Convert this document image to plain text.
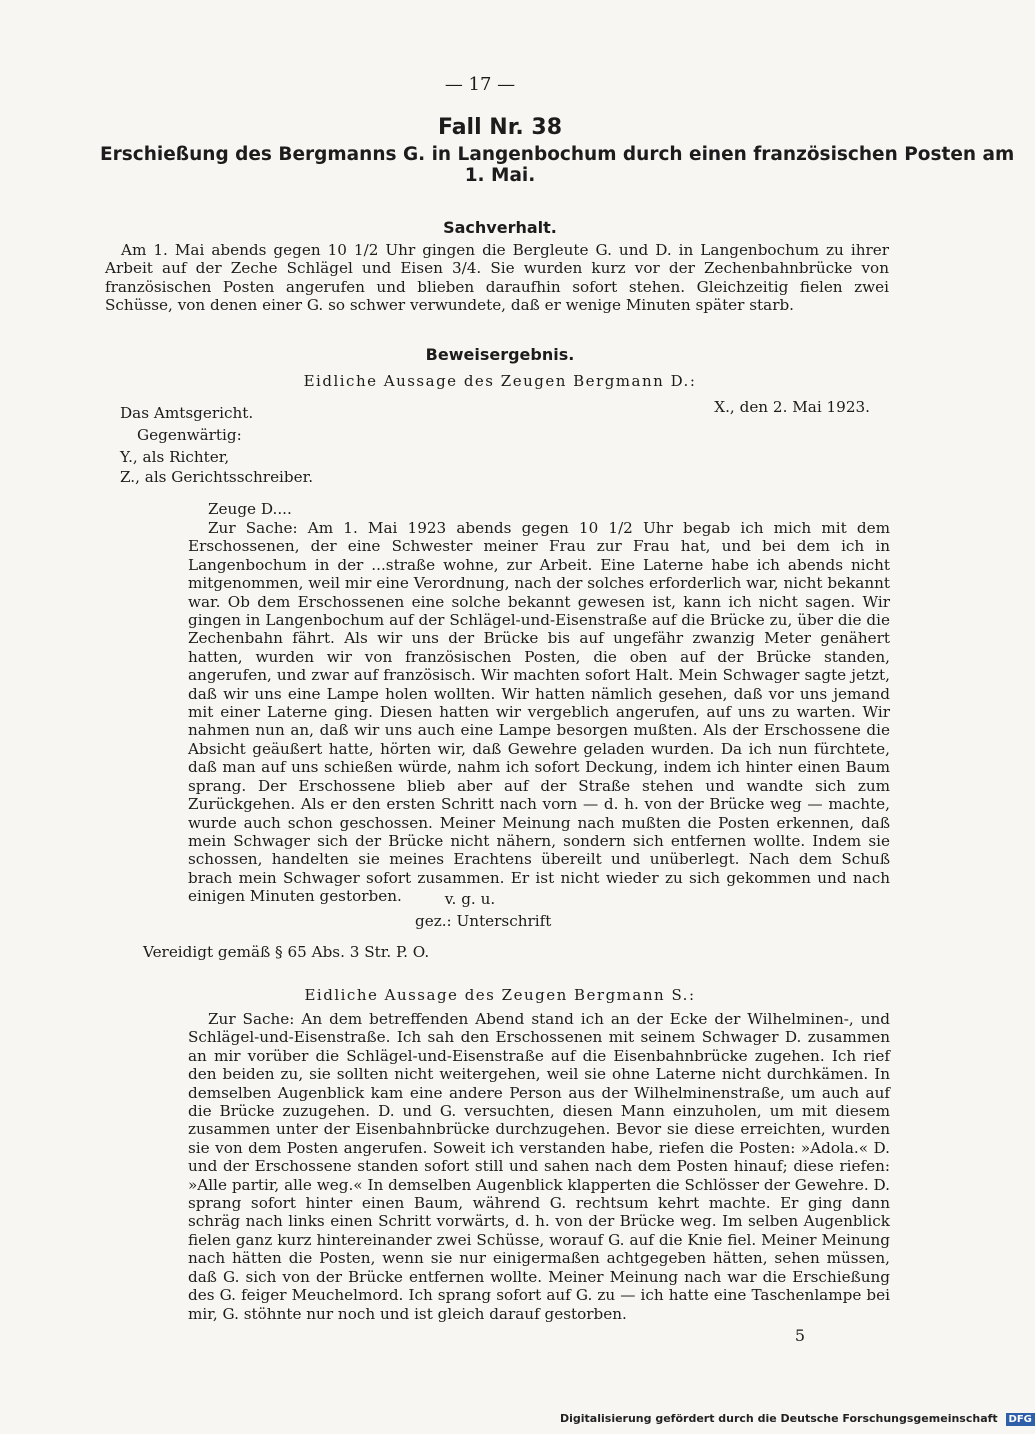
— 17 —
Fall Nr. 38
Erschießung des Bergmanns G. in Langenbochum durch einen französischen Posten am
1. Mai.
Sachverhalt.

Am 1. Mai abends gegen 10 1/2 Uhr gingen die Bergleute G. und D. in Langenbochum zu ihrer Arbeit auf der Zeche Schlägel und Eisen 3/4. Sie wurden kurz vor der Zechenbahnbrücke von französischen Posten angerufen und blieben daraufhin sofort stehen. Gleichzeitig fielen zwei Schüsse, von denen einer G. so schwer verwundete, daß er wenige Minuten später starb.

Beweisergebnis.
Eidliche Aussage des Zeugen Bergmann D.:
Das Amtsgericht.	X., den 2. Mai 1923.
Gegenwärtig:
Y., als Richter,
Z., als Gerichtsschreiber.
Zeuge D....

Zur Sache: Am 1. Mai 1923 abends gegen 10 1/2 Uhr begab ich mich mit dem Erschossenen, der eine Schwester meiner Frau zur Frau hat, und bei dem ich in Langenbochum in der ...straße wohne, zur Arbeit. Eine Laterne habe ich abends nicht mitgenommen, weil mir eine Verordnung, nach der solches erforderlich war, nicht bekannt war. Ob dem Erschossenen eine solche bekannt gewesen ist, kann ich nicht sagen. Wir gingen in Langenbochum auf der Schlägel-und-Eisenstraße auf die Brücke zu, über die die Zechenbahn fährt. Als wir uns der Brücke bis auf ungefähr zwanzig Meter genähert hatten, wurden wir von französischen Posten, die oben auf der Brücke standen, angerufen, und zwar auf französisch. Wir machten sofort Halt. Mein Schwager sagte jetzt, daß wir uns eine Lampe holen wollten. Wir hatten nämlich gesehen, daß vor uns jemand mit einer Laterne ging. Diesen hatten wir vergeblich angerufen, auf uns zu warten. Wir nahmen nun an, daß wir uns auch eine Lampe besorgen mußten. Als der Erschossene die Absicht geäußert hatte, hörten wir, daß Gewehre geladen wurden. Da ich nun fürchtete, daß man auf uns schießen würde, nahm ich sofort Deckung, indem ich hinter einen Baum sprang. Der Erschossene blieb aber auf der Straße stehen und wandte sich zum Zurückgehen. Als er den ersten Schritt nach vorn — d. h. von der Brücke weg — machte, wurde auch schon geschossen. Meiner Meinung nach mußten die Posten erkennen, daß mein Schwager sich der Brücke nicht nähern, sondern sich entfernen wollte. Indem sie schossen, handelten sie meines Erachtens übereilt und unüberlegt. Nach dem Schuß brach mein Schwager sofort zusammen. Er ist nicht wieder zu sich gekommen und nach einigen Minuten gestorben.	v. g. u.
gez.: Unterschrift
Vereidigt gemäß § 65 Abs. 3 Str. P. O.
Eidliche Aussage des Zeugen Bergmann S.:

Zur Sache: An dem betreffenden Abend stand ich an der Ecke der Wilhelminen-, und Schlägel-und-Eisenstraße. Ich sah den Erschossenen mit seinem Schwager D. zusammen an mir vorüber die Schlägel-und-Eisenstraße auf die Eisenbahnbrücke zugehen. Ich rief den beiden zu, sie sollten nicht weitergehen, weil sie ohne Laterne nicht durchkämen. In demselben Augenblick kam eine andere Person aus der Wilhelminenstraße, um auch auf die Brücke zuzugehen. D. und G. versuchten, diesen Mann einzuholen, um mit diesem zusammen unter der Eisenbahnbrücke durchzugehen. Bevor sie diese erreichten, wurden sie von dem Posten angerufen. Soweit ich verstanden habe, riefen die Posten: »Adola.« D. und der Erschossene standen sofort still und sahen nach dem Posten hinauf; diese riefen: »Alle partir, alle weg.« In demselben Augenblick klapperten die Schlösser der Gewehre. D. sprang sofort hinter einen Baum, während G. rechtsum kehrt machte. Er ging dann schräg nach links einen Schritt vorwärts, d. h. von der Brücke weg. Im selben Augenblick fielen ganz kurz hintereinander zwei Schüsse, worauf G. auf die Knie fiel. Meiner Meinung nach hätten die Posten, wenn sie nur einigermaßen achtgegeben hätten, sehen müssen, daß G. sich von der Brücke entfernen wollte. Meiner Meinung nach war die Erschießung des G. feiger Meuchelmord. Ich sprang sofort auf G. zu — ich hatte eine Taschenlampe bei mir, G. stöhnte nur noch und ist gleich darauf gestorben.

5
Digitalisierung gefördert durch die Deutsche Forschungsgemeinschaft DFG
